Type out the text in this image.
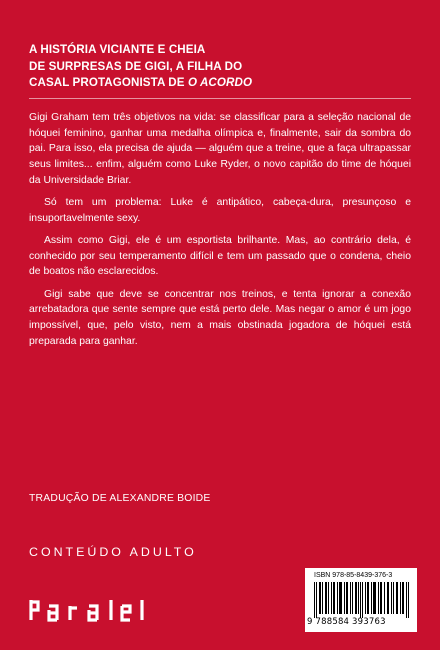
A HISTÓRIA VICIANTE E CHEIA
DE SURPRESAS DE GIGI, A FILHA DO
CASAL PROTAGONISTA DE O ACORDO

Gigi Graham tem três objetivos na vida: se classificar para a seleção nacional de hóquei feminino, ganhar uma medalha olímpica e, finalmente, sair da sombra do pai. Para isso, ela precisa de ajuda — alguém que a treine, que a faça ultrapassar seus limites... enfim, alguém como Luke Ryder, o novo capitão do time de hóquei da Universidade Briar.

Só tem um problema: Luke é antipático, cabeça-dura, presunçoso e insuportavelmente sexy.

Assim como Gigi, ele é um esportista brilhante. Mas, ao contrário dela, é conhecido por seu temperamento difícil e tem um passado que o condena, cheio de boatos não esclarecidos.

Gigi sabe que deve se concentrar nos treinos, e tenta ignorar a conexão arrebatadora que sente sempre que está perto dele. Mas negar o amor é um jogo impossível, que, pelo visto, nem a mais obstinada jogadora de hóquei está preparada para ganhar.

TRADUÇÃO DE ALEXANDRE BOIDE
CONTEÚDO ADULTO
ISBN 978-85-8439-376-3
9 788584 393763
